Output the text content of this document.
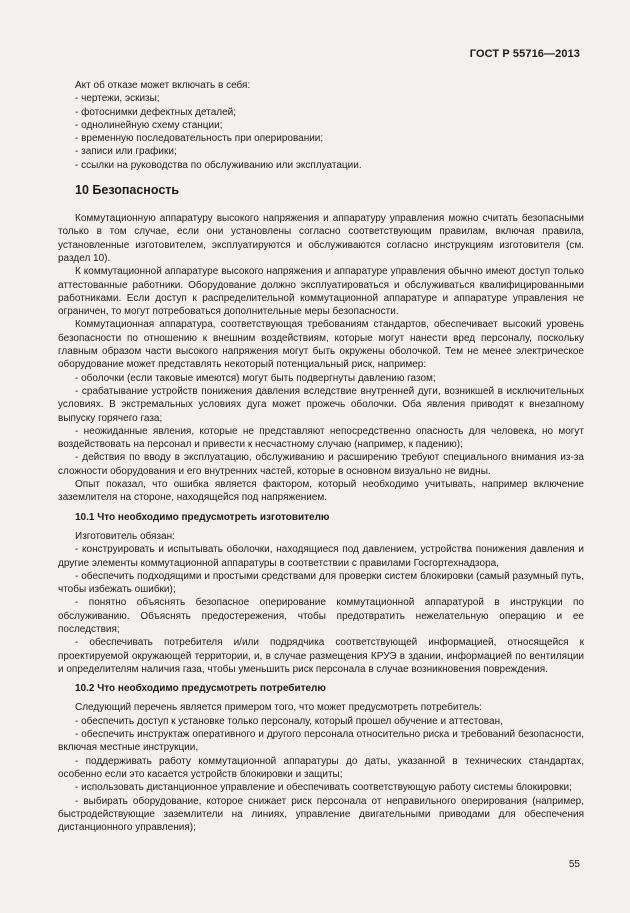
ГОСТ Р 55716—2013

Акт об отказе может включать в себя:

- чертежи, эскизы;

- фотоснимки дефектных деталей;

- однолинейную схему станции;

- временную последовательность при оперировании;

- записи или графики;

- ссылки на руководства по обслуживанию или эксплуатации.

10 Безопасность

Коммутационную аппаратуру высокого напряжения и аппаратуру управления можно считать безопасными только в том случае, если они установлены согласно соответствующим правилам, включая правила, установленные изготовителем, эксплуатируются и обслуживаются согласно инструкциям изготовителя (см. раздел 10).

К коммутационной аппаратуре высокого напряжения и аппаратуре управления обычно имеют доступ только аттестованные работники. Оборудование должно эксплуатироваться и обслуживаться квалифицированными работниками. Если доступ к распределительной коммутационной аппаратуре и аппаратуре управления не ограничен, то могут потребоваться дополнительные меры безопасности.

Коммутационная аппаратура, соответствующая требованиям стандартов, обеспечивает высокий уровень безопасности по отношению к внешним воздействиям, которые могут нанести вред персоналу, поскольку главным образом части высокого напряжения могут быть окружены оболочкой. Тем не менее электрическое оборудование может представлять некоторый потенциальный риск, например:

- оболочки (если таковые имеются) могут быть подвергнуты давлению газом;

- срабатывание устройств понижения давления вследствие внутренней дуги, возникшей в исключительных условиях. В экстремальных условиях дуга может прожечь оболочки. Оба явления приводят к внезапному выпуску горячего газа;

- неожиданные явления, которые не представляют непосредственно опасность для человека, но могут воздействовать на персонал и привести к несчастному случаю (например, к падению);

- действия по вводу в эксплуатацию, обслуживанию и расширению требуют специального внимания из-за сложности оборудования и его внутренних частей, которые в основном визуально не видны.

Опыт показал, что ошибка является фактором, который необходимо учитывать, например включение заземлителя на стороне, находящейся под напряжением.

10.1 Что необходимо предусмотреть изготовителю

Изготовитель обязан:

- конструировать и испытывать оболочки, находящиеся под давлением, устройства понижения давления и другие элементы коммутационной аппаратуры в соответствии с правилами Госгортехнадзора,

- обеспечить подходящими и простыми средствами для проверки систем блокировки (самый разумный путь, чтобы избежать ошибки);

- понятно объяснять безопасное оперирование коммутационной аппаратурой в инструкции по обслуживанию. Объяснять предостережения, чтобы предотвратить нежелательную операцию и ее последствия;

- обеспечивать потребителя и/или подрядчика соответствующей информацией, относящейся к проектируемой окружающей территории, и, в случае размещения КРУЭ в здании, информацией по вентиляции и определителям наличия газа, чтобы уменьшить риск персонала в случае возникновения повреждения.

10.2 Что необходимо предусмотреть потребителю

Следующий перечень является примером того, что может предусмотреть потребитель:

- обеспечить доступ к установке только персоналу, который прошел обучение и аттестован,

- обеспечить инструктаж оперативного и другого персонала относительно риска и требований безопасности, включая местные инструкции,

- поддерживать работу коммутационной аппаратуры до даты, указанной в технических стандартах, особенно если это касается устройств блокировки и защиты;

- использовать дистанционное управление и обеспечивать соответствующую работу системы блокировки;

- выбирать оборудование, которое снижает риск персонала от неправильного оперирования (например, быстродействующие заземлители на линиях, управление двигательными приводами для обеспечения дистанционного управления);

55
